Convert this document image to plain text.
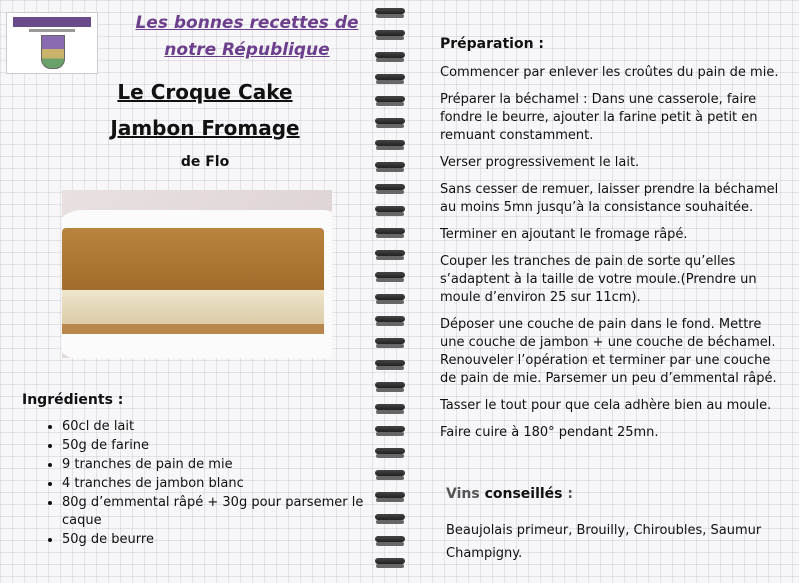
Les bonnes recettes de
notre République
Le Croque Cake
Jambon Fromage
de Flo
Ingrédients :
• 60cl de lait
• 50g de farine
• 9 tranches de pain de mie
• 4 tranches de jambon blanc
• 80g d’emmental râpé + 30g pour parsemer le caque
• 50g de beurre
Préparation :

Commencer par enlever les croûtes du pain de mie.

Préparer la béchamel : Dans une casserole, faire fondre le beurre, ajouter la farine petit à petit en remuant constamment.

Verser progressivement le lait.

Sans cesser de remuer, laisser prendre la béchamel au moins 5mn jusqu’à la consistance souhaitée.

Terminer en ajoutant le fromage râpé.

Couper les tranches de pain de sorte qu’elles s’adaptent à la taille de votre moule.(Prendre un moule d’environ 25 sur 11cm).

Déposer une couche de pain dans le fond. Mettre une couche de jambon + une couche de béchamel. Renouveler l’opération et terminer par une couche de pain de mie. Parsemer un peu d’emmental râpé.

Tasser le tout pour que cela adhère bien au moule.

Faire cuire à 180° pendant 25mn.

Vins conseillés :
Beaujolais primeur, Brouilly, Chiroubles, Saumur Champigny.
